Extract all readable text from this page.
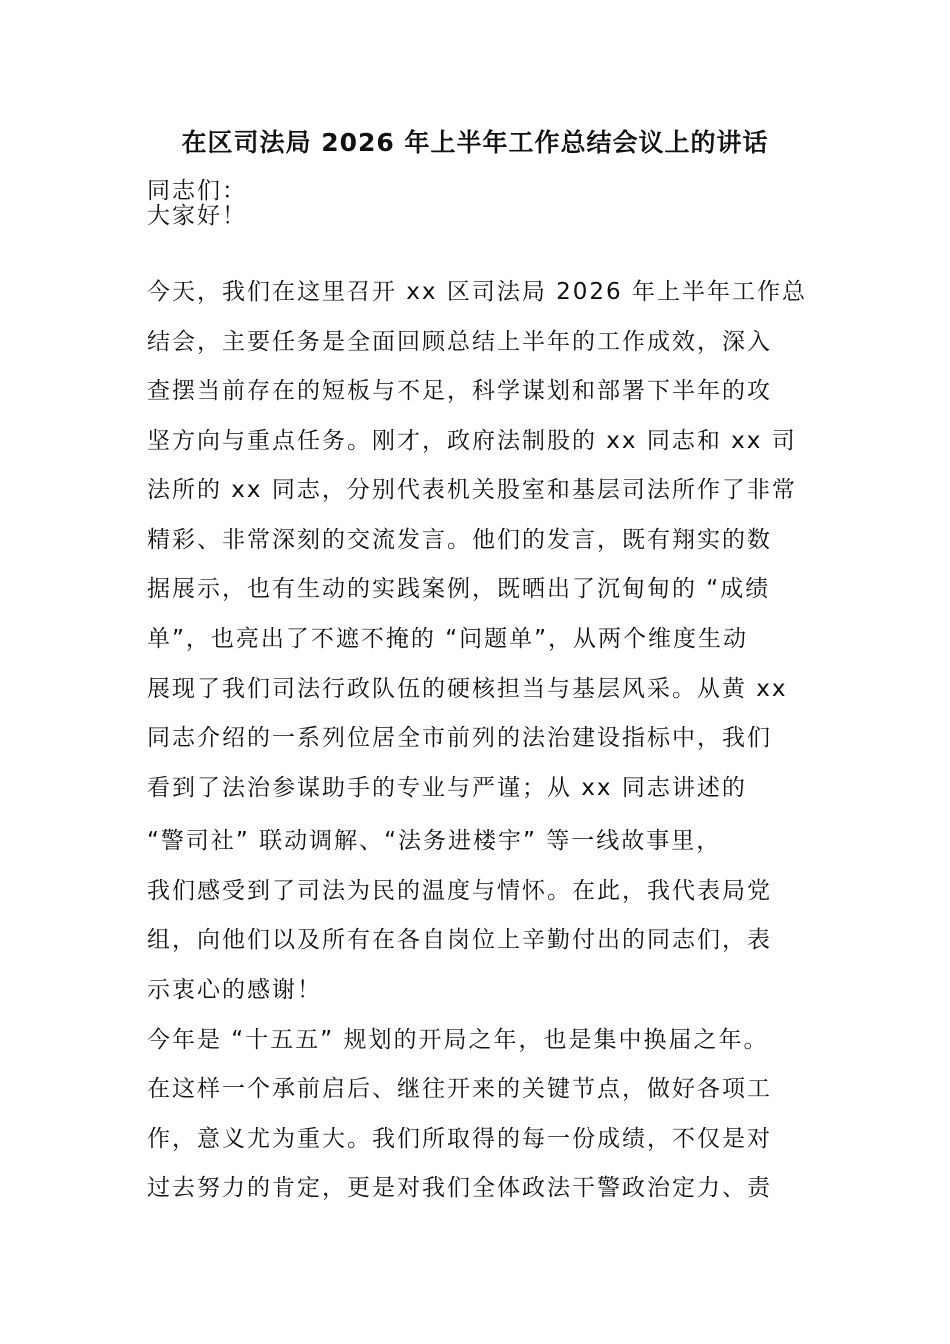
在区司法局 2026 年上半年工作总结会议上的讲话
同志们：
大家好！
今天，我们在这里召开 xx 区司法局 2026 年上半年工作总
结会，主要任务是全面回顾总结上半年的工作成效，深入
查摆当前存在的短板与不足，科学谋划和部署下半年的攻
坚方向与重点任务。刚才，政府法制股的 xx 同志和 xx 司
法所的 xx 同志，分别代表机关股室和基层司法所作了非常
精彩、非常深刻的交流发言。他们的发言，既有翔实的数
据展示，也有生动的实践案例，既晒出了沉甸甸的 “成绩
单”，也亮出了不遮不掩的 “问题单”，从两个维度生动
展现了我们司法行政队伍的硬核担当与基层风采。从黄 xx
同志介绍的一系列位居全市前列的法治建设指标中，我们
看到了法治参谋助手的专业与严谨；从 xx 同志讲述的
“警司社” 联动调解、“法务进楼宇” 等一线故事里，
我们感受到了司法为民的温度与情怀。在此，我代表局党
组，向他们以及所有在各自岗位上辛勤付出的同志们，表
示衷心的感谢！
今年是 “十五五” 规划的开局之年，也是集中换届之年。
在这样一个承前启后、继往开来的关键节点，做好各项工
作，意义尤为重大。我们所取得的每一份成绩，不仅是对
过去努力的肯定，更是对我们全体政法干警政治定力、责
